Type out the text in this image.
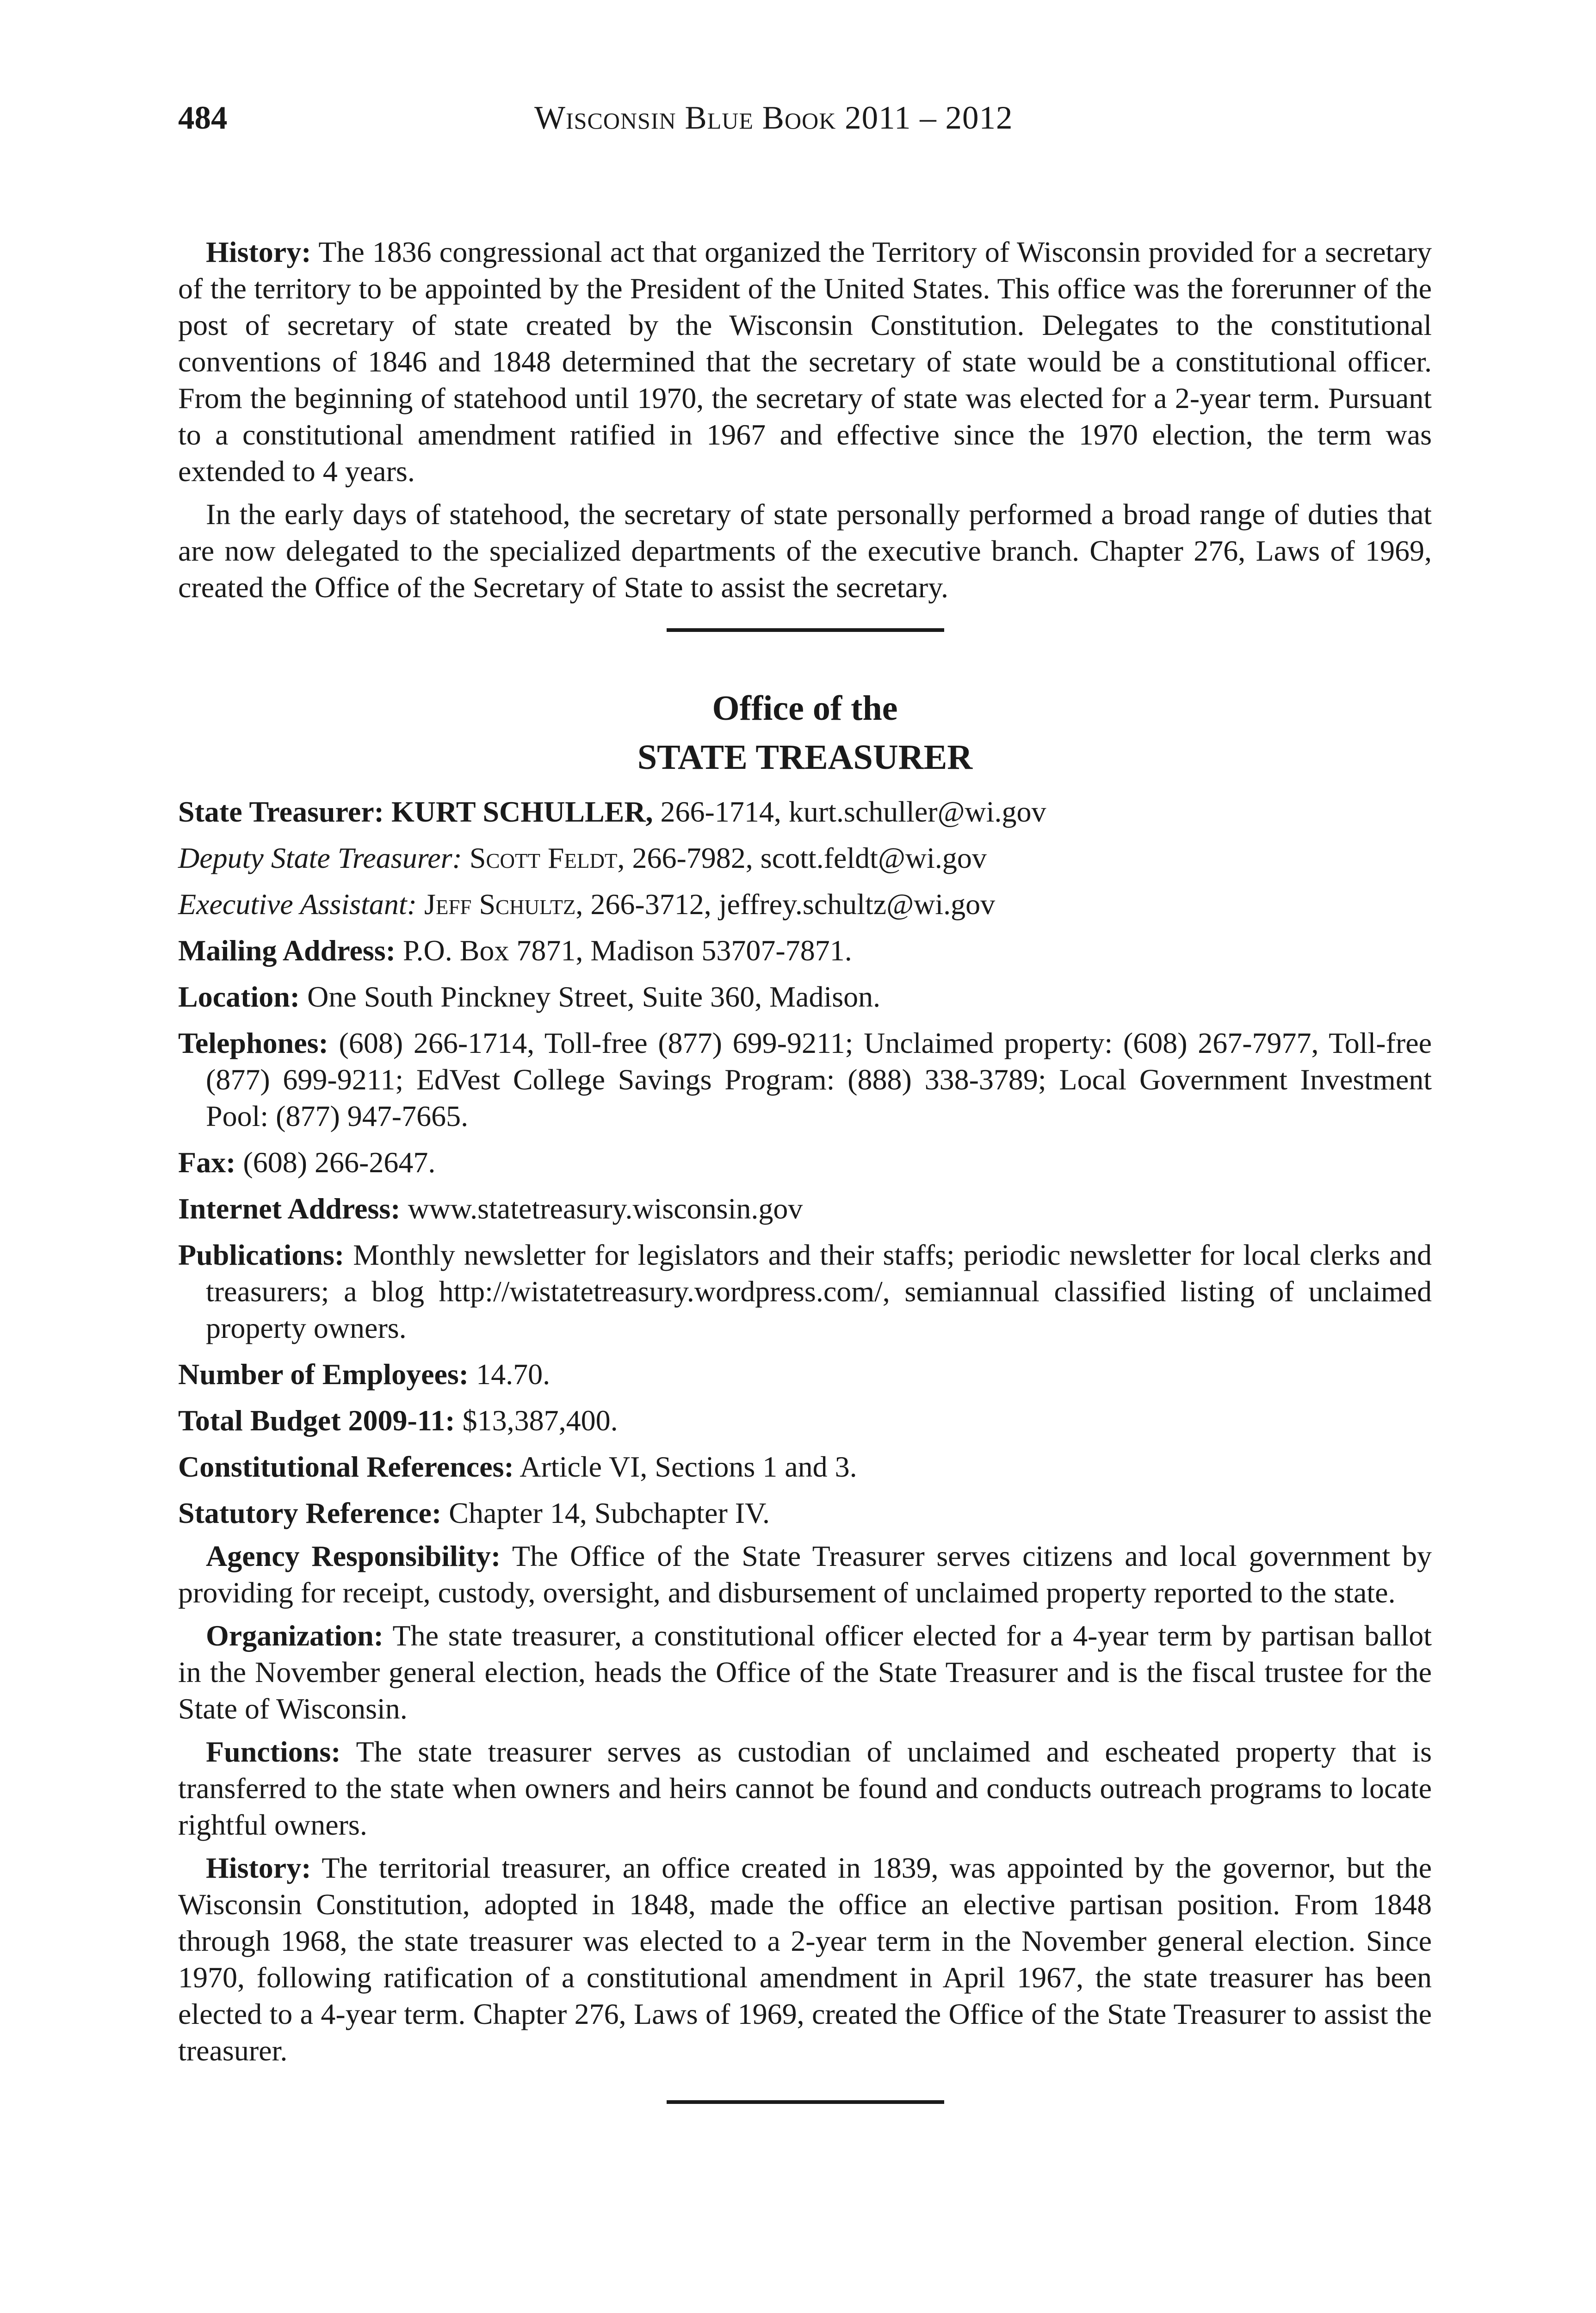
484	Wisconsin Blue Book 2011 – 2012

History: The 1836 congressional act that organized the Territory of Wisconsin provided for a secretary of the territory to be appointed by the President of the United States. This office was the forerunner of the post of secretary of state created by the Wisconsin Constitution. Delegates to the constitutional conventions of 1846 and 1848 determined that the secretary of state would be a constitutional officer. From the beginning of statehood until 1970, the secretary of state was elected for a 2-year term. Pursuant to a constitutional amendment ratified in 1967 and effective since the 1970 election, the term was extended to 4 years.

In the early days of statehood, the secretary of state personally performed a broad range of duties that are now delegated to the specialized departments of the executive branch. Chapter 276, Laws of 1969, created the Office of the Secretary of State to assist the secretary.

Office of the
STATE TREASURER

State Treasurer: KURT SCHULLER, 266-1714, kurt.schuller@wi.gov

Deputy State Treasurer: Scott Feldt, 266-7982, scott.feldt@wi.gov

Executive Assistant: Jeff Schultz, 266-3712, jeffrey.schultz@wi.gov

Mailing Address: P.O. Box 7871, Madison 53707-7871.

Location: One South Pinckney Street, Suite 360, Madison.

Telephones: (608) 266-1714, Toll-free (877) 699-9211; Unclaimed property: (608) 267-7977, Toll-free (877) 699-9211; EdVest College Savings Program: (888) 338-3789; Local Government Investment Pool: (877) 947-7665.

Fax: (608) 266-2647.

Internet Address: www.statetreasury.wisconsin.gov

Publications: Monthly newsletter for legislators and their staffs; periodic newsletter for local clerks and treasurers; a blog http://wistatetreasury.wordpress.com/, semiannual classified listing of unclaimed property owners.

Number of Employees: 14.70.

Total Budget 2009-11: $13,387,400.

Constitutional References: Article VI, Sections 1 and 3.

Statutory Reference: Chapter 14, Subchapter IV.

Agency Responsibility: The Office of the State Treasurer serves citizens and local government by providing for receipt, custody, oversight, and disbursement of unclaimed property reported to the state.

Organization: The state treasurer, a constitutional officer elected for a 4-year term by partisan ballot in the November general election, heads the Office of the State Treasurer and is the fiscal trustee for the State of Wisconsin.

Functions: The state treasurer serves as custodian of unclaimed and escheated property that is transferred to the state when owners and heirs cannot be found and conducts outreach programs to locate rightful owners.

History: The territorial treasurer, an office created in 1839, was appointed by the governor, but the Wisconsin Constitution, adopted in 1848, made the office an elective partisan position. From 1848 through 1968, the state treasurer was elected to a 2-year term in the November general election. Since 1970, following ratification of a constitutional amendment in April 1967, the state treasurer has been elected to a 4-year term. Chapter 276, Laws of 1969, created the Office of the State Treasurer to assist the treasurer.
